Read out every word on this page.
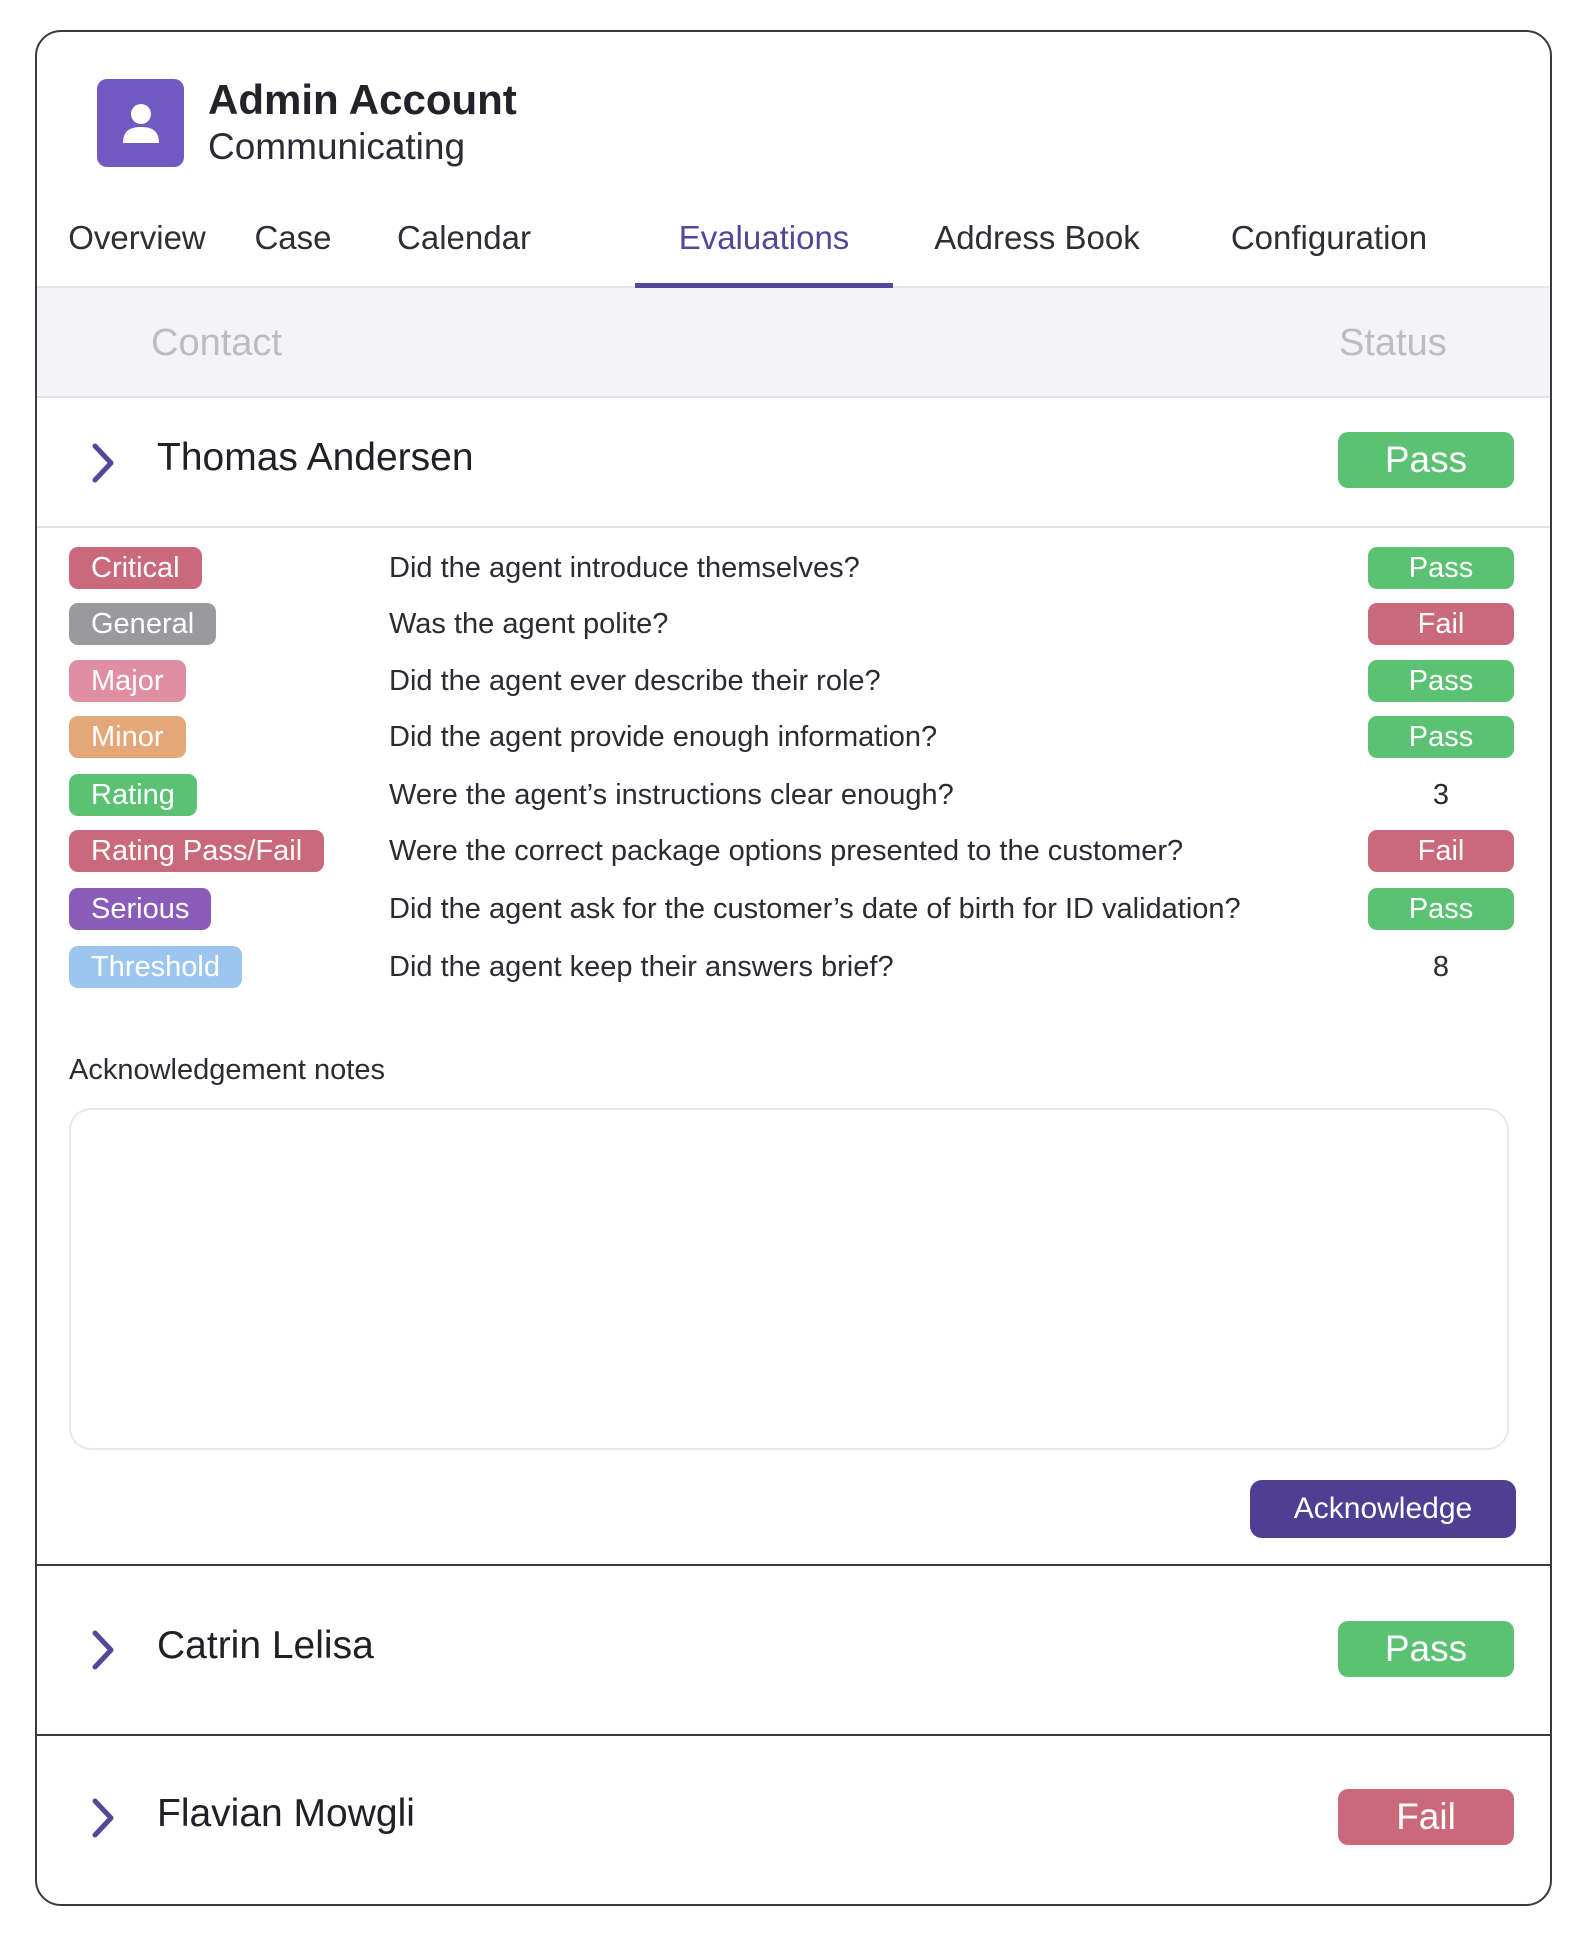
Admin Account
Communicating
Overview	Case	Calendar	Evaluations	Address Book	Configuration
Contact	Status
Thomas Andersen	Pass
Critical	Did the agent introduce themselves?	Pass
General	Was the agent polite?	Fail
Major	Did the agent ever describe their role?	Pass
Minor	Did the agent provide enough information?	Pass
Rating	Were the agent’s instructions clear enough?	3
Rating Pass/Fail	Were the correct package options presented to the customer?	Fail
Serious	Did the agent ask for the customer’s date of birth for ID validation?	Pass
Threshold	Did the agent keep their answers brief?	8
Acknowledgement notes
Acknowledge
Catrin Lelisa	Pass
Flavian Mowgli	Fail
